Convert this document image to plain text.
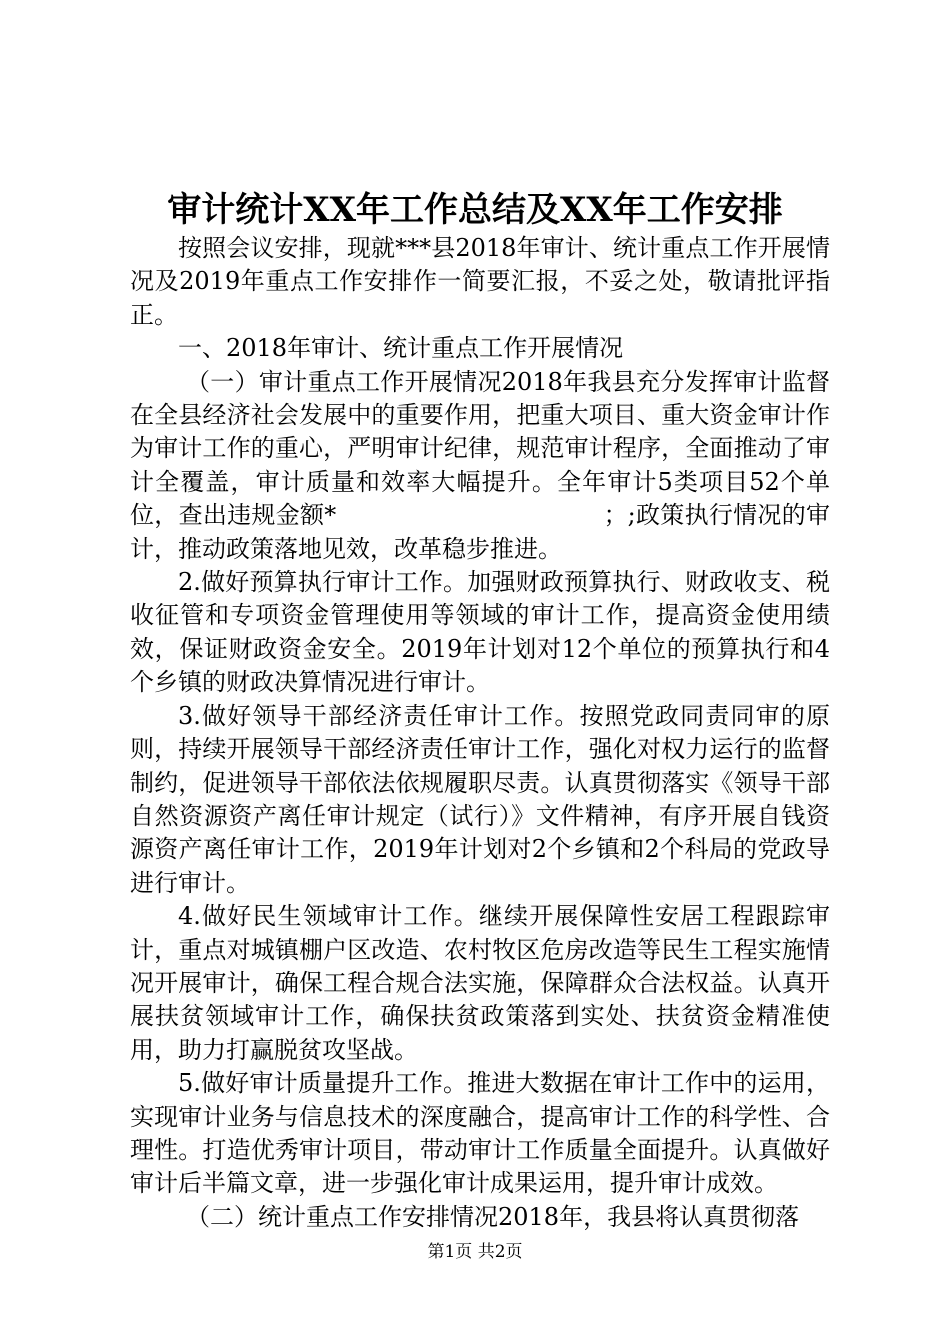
审计统计XX年工作总结及XX年工作安排

按照会议安排，现就***县2018年审计、统计重点工作开展情况及2019年重点工作安排作一简要汇报，不妥之处，敬请批评指正。

一、2018年审计、统计重点工作开展情况

（一）审计重点工作开展情况2018年我县充分发挥审计监督在全县经济社会发展中的重要作用，把重大项目、重大资金审计作为审计工作的重心，严明审计纪律，规范审计程序，全面推动了审计全覆盖，审计质量和效率大幅提升。全年审计5类项目52个单位，查出违规金额*　　　　　　　　　　　；;政策执行情况的审计，推动政策落地见效，改革稳步推进。

2.做好预算执行审计工作。加强财政预算执行、财政收支、税收征管和专项资金管理使用等领域的审计工作，提高资金使用绩效，保证财政资金安全。2019年计划对12个单位的预算执行和4个乡镇的财政决算情况进行审计。

3.做好领导干部经济责任审计工作。按照党政同责同审的原则，持续开展领导干部经济责任审计工作，强化对权力运行的监督制约，促进领导干部依法依规履职尽责。认真贯彻落实《领导干部自然资源资产离任审计规定（试行）》文件精神，有序开展自钱资源资产离任审计工作，2019年计划对2个乡镇和2个科局的党政导进行审计。

4.做好民生领域审计工作。继续开展保障性安居工程跟踪审计，重点对城镇棚户区改造、农村牧区危房改造等民生工程实施情况开展审计，确保工程合规合法实施，保障群众合法权益。认真开展扶贫领域审计工作，确保扶贫政策落到实处、扶贫资金精准使用，助力打赢脱贫攻坚战。

5.做好审计质量提升工作。推进大数据在审计工作中的运用，实现审计业务与信息技术的深度融合，提高审计工作的科学性、合理性。打造优秀审计项目，带动审计工作质量全面提升。认真做好审计后半篇文章，进一步强化审计成果运用，提升审计成效。

（二）统计重点工作安排情况2018年，我县将认真贯彻落

第1页 共2页
